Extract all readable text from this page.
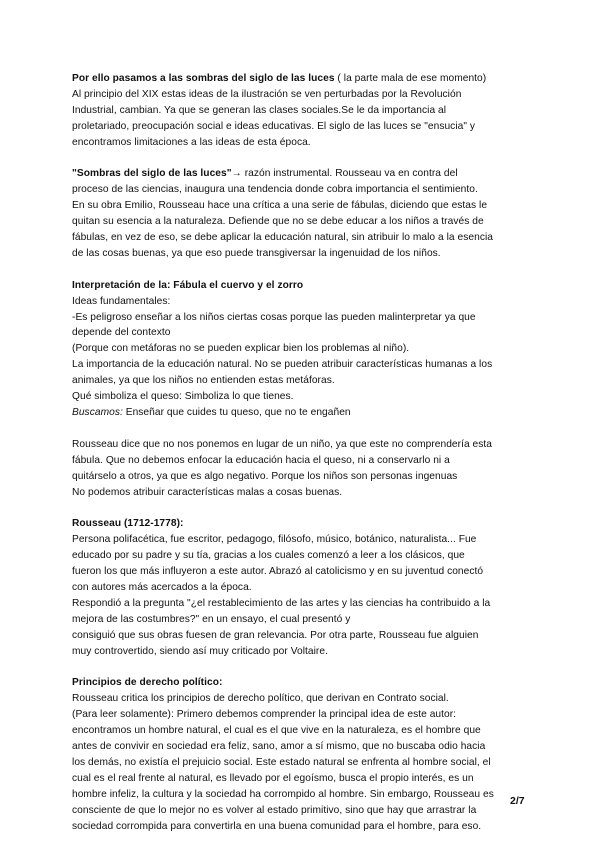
Por ello pasamos a las sombras del siglo de las luces ( la parte mala de ese momento)
Al principio del XIX estas ideas de la ilustración se ven perturbadas por la Revolución
Industrial, cambian. Ya que se generan las clases sociales.Se le da importancia al
proletariado, preocupación social e ideas educativas. El siglo de las luces se "ensucia" y
encontramos limitaciones a las ideas de esta época.
"Sombras del siglo de las luces"→ razón instrumental. Rousseau va en contra del
proceso de las ciencias, inaugura una tendencia donde cobra importancia el sentimiento.
En su obra Emilio, Rousseau hace una crítica a una serie de fábulas, diciendo que estas le
quitan su esencia a la naturaleza. Defiende que no se debe educar a los niños a través de
fábulas, en vez de eso, se debe aplicar la educación natural, sin atribuir lo malo a la esencia
de las cosas buenas, ya que eso puede transgiversar la ingenuidad de los niños.
Interpretación de la: Fábula el cuervo y el zorro
Ideas fundamentales:
-Es peligroso enseñar a los niños ciertas cosas porque las pueden malinterpretar ya que
depende del contexto
(Porque con metáforas no se pueden explicar bien los problemas al niño).
La importancia de la educación natural. No se pueden atribuir características humanas a los
animales, ya que los niños no entienden estas metáforas.
Qué simboliza el queso: Simboliza lo que tienes.
Buscamos: Enseñar que cuides tu queso, que no te engañen
Rousseau dice que no nos ponemos en lugar de un niño, ya que este no comprendería esta
fábula. Que no debemos enfocar la educación hacia el queso, ni a conservarlo ni a
quitárselo a otros, ya que es algo negativo. Porque los niños son personas ingenuas
No podemos atribuir características malas a cosas buenas.
Rousseau (1712-1778):
Persona polifacética, fue escritor, pedagogo, filósofo, músico, botánico, naturalista... Fue
educado por su padre y su tía, gracias a los cuales comenzó a leer a los clásicos, que
fueron los que más influyeron a este autor. Abrazó al catolicismo y en su juventud conectó
con autores más acercados a la época.
Respondió a la pregunta "¿el restablecimiento de las artes y las ciencias ha contribuido a la
mejora de las costumbres?" en un ensayo, el cual presentó y
consiguió que sus obras fuesen de gran relevancia. Por otra parte, Rousseau fue alguien
muy controvertido, siendo así muy criticado por Voltaire.
Principios de derecho político:
Rousseau critica los principios de derecho político, que derivan en Contrato social.
(Para leer solamente): Primero debemos comprender la principal idea de este autor:
encontramos un hombre natural, el cual es el que vive en la naturaleza, es el hombre que
antes de convivir en sociedad era feliz, sano, amor a sí mismo, que no buscaba odio hacia
los demás, no existía el prejuicio social. Este estado natural se enfrenta al hombre social, el
cual es el real frente al natural, es llevado por el egoísmo, busca el propio interés, es un
hombre infeliz, la cultura y la sociedad ha corrompido al hombre. Sin embargo, Rousseau es
consciente de que lo mejor no es volver al estado primitivo, sino que hay que arrastrar la
sociedad corrompida para convertirla en una buena comunidad para el hombre, para eso.
2/7
